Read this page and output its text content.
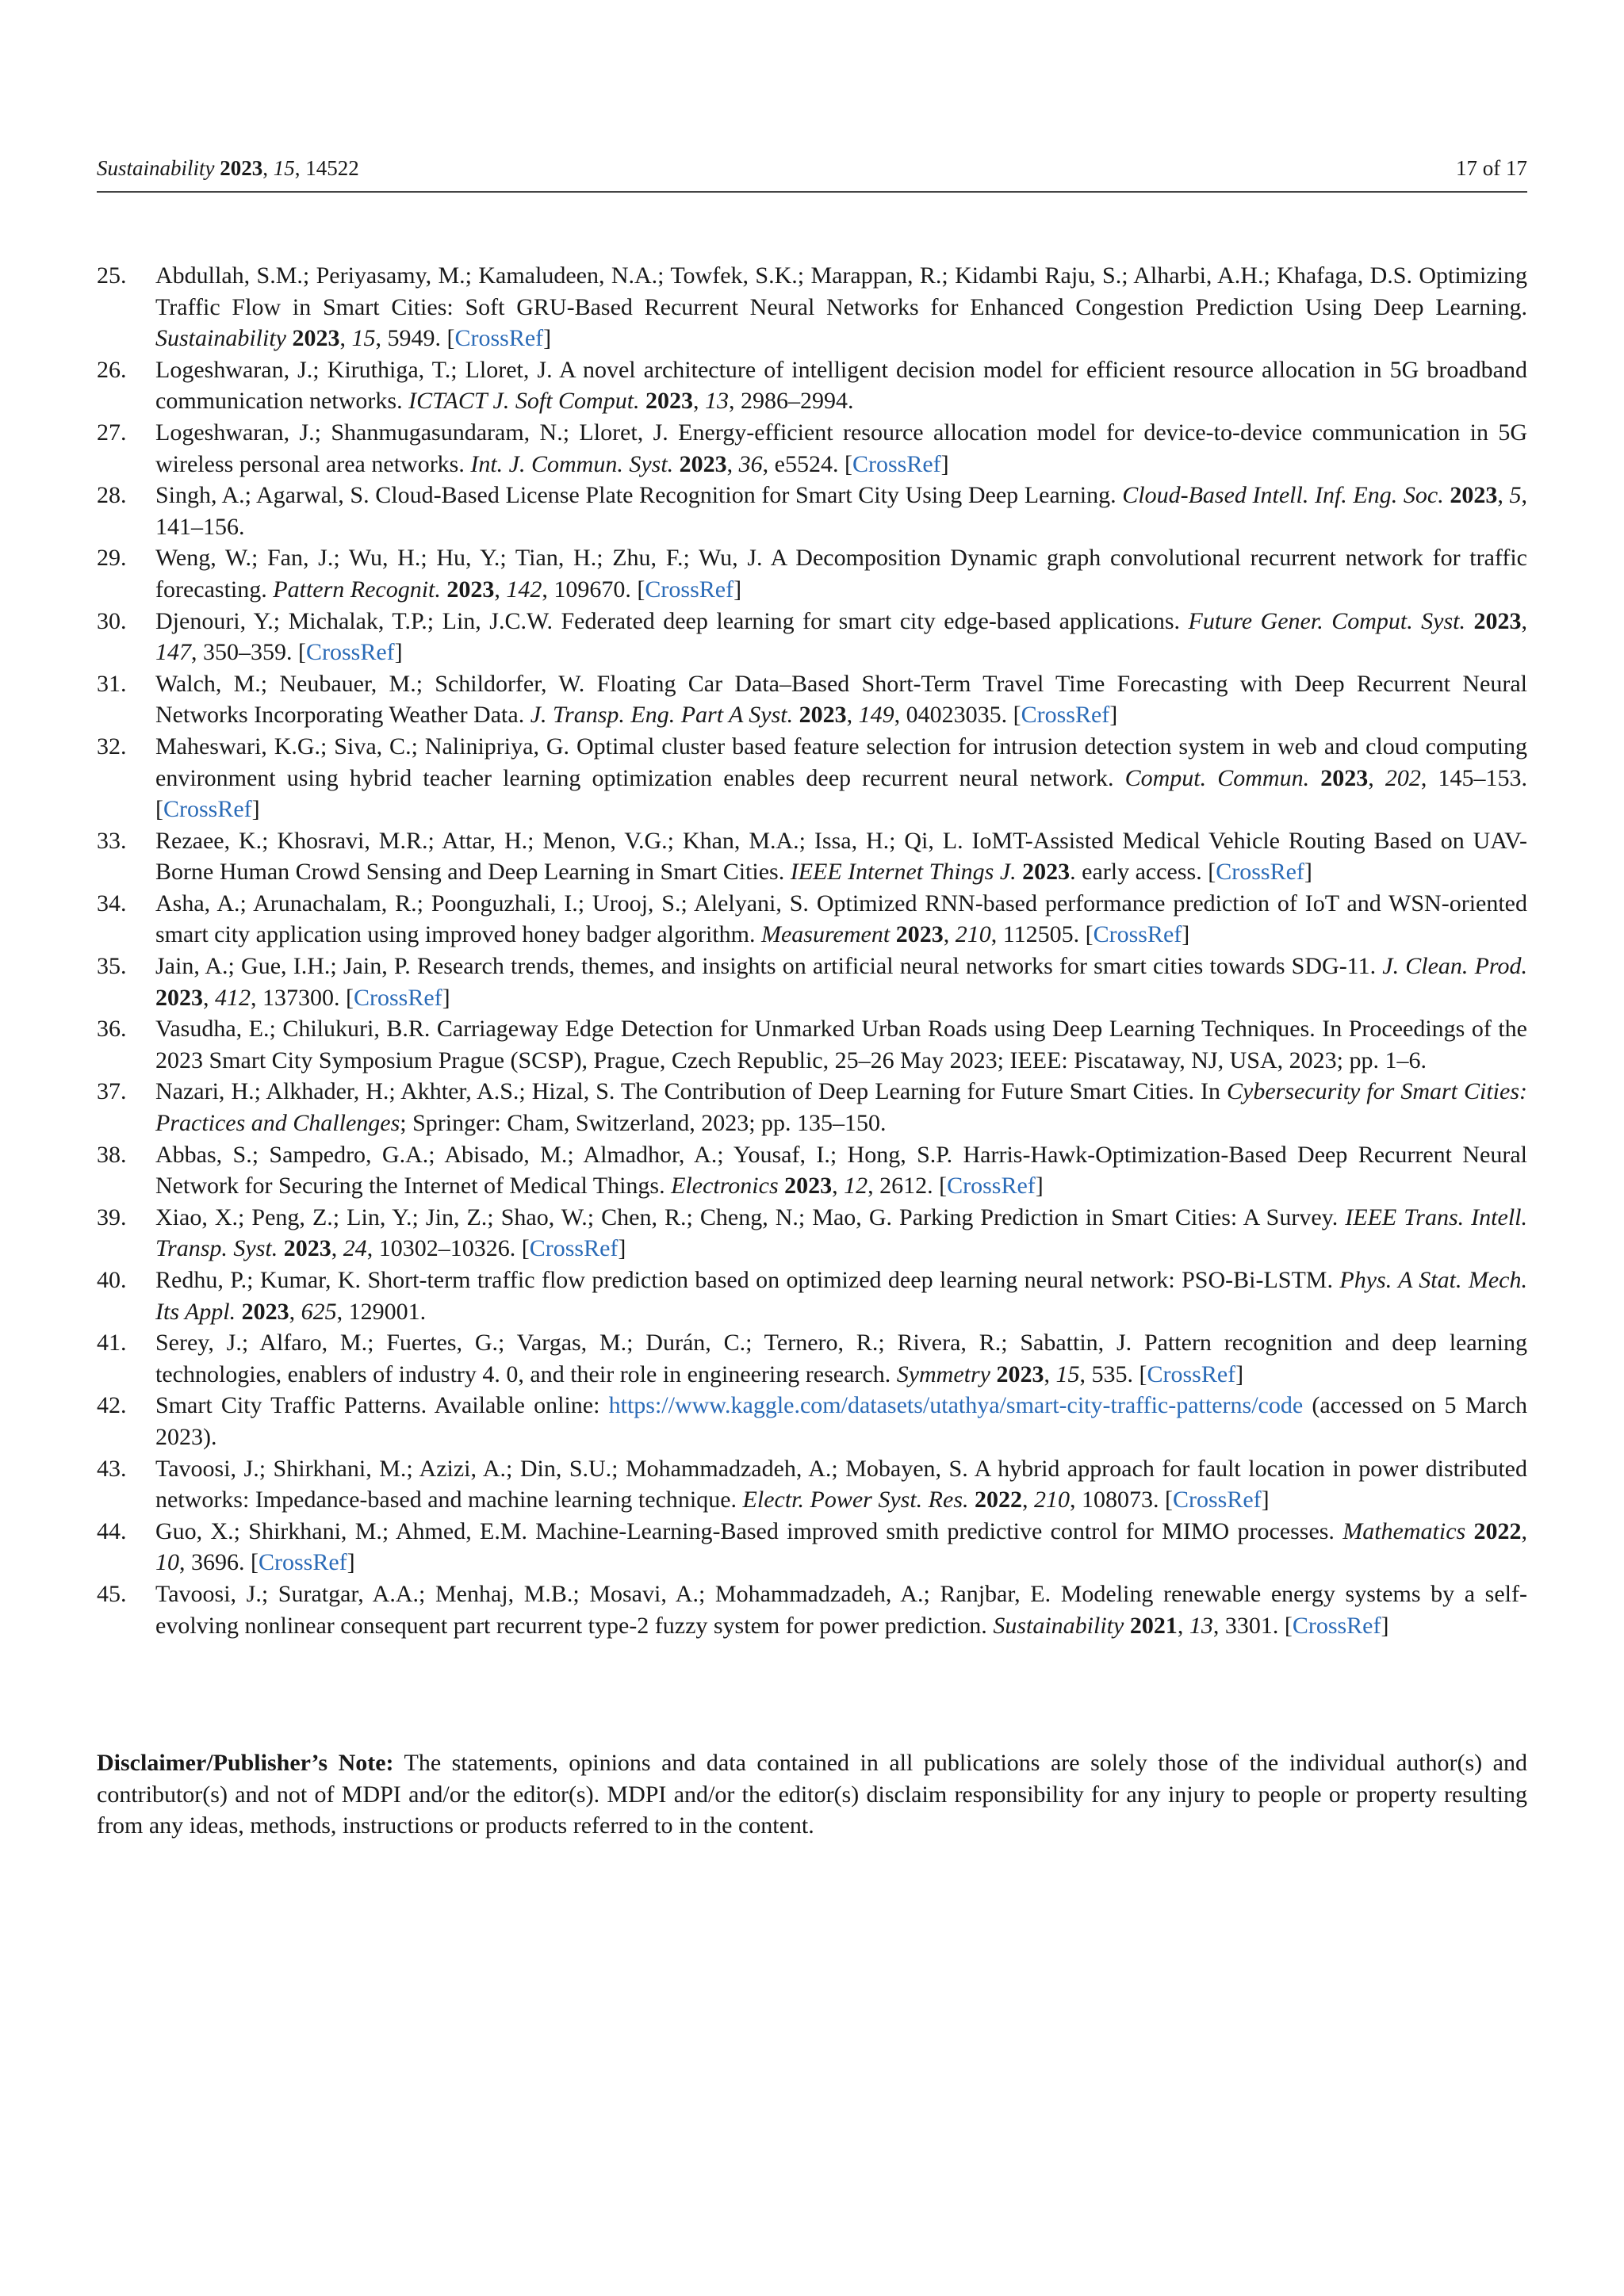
Sustainability 2023, 15, 14522	17 of 17
25. Abdullah, S.M.; Periyasamy, M.; Kamaludeen, N.A.; Towfek, S.K.; Marappan, R.; Kidambi Raju, S.; Alharbi, A.H.; Khafaga, D.S. Optimizing Traffic Flow in Smart Cities: Soft GRU-Based Recurrent Neural Networks for Enhanced Congestion Prediction Using Deep Learning. Sustainability 2023, 15, 5949. [CrossRef]
26. Logeshwaran, J.; Kiruthiga, T.; Lloret, J. A novel architecture of intelligent decision model for efficient resource allocation in 5G broadband communication networks. ICTACT J. Soft Comput. 2023, 13, 2986–2994.
27. Logeshwaran, J.; Shanmugasundaram, N.; Lloret, J. Energy-efficient resource allocation model for device-to-device communication in 5G wireless personal area networks. Int. J. Commun. Syst. 2023, 36, e5524. [CrossRef]
28. Singh, A.; Agarwal, S. Cloud-Based License Plate Recognition for Smart City Using Deep Learning. Cloud-Based Intell. Inf. Eng. Soc. 2023, 5, 141–156.
29. Weng, W.; Fan, J.; Wu, H.; Hu, Y.; Tian, H.; Zhu, F.; Wu, J. A Decomposition Dynamic graph convolutional recurrent network for traffic forecasting. Pattern Recognit. 2023, 142, 109670. [CrossRef]
30. Djenouri, Y.; Michalak, T.P.; Lin, J.C.W. Federated deep learning for smart city edge-based applications. Future Gener. Comput. Syst. 2023, 147, 350–359. [CrossRef]
31. Walch, M.; Neubauer, M.; Schildorfer, W. Floating Car Data–Based Short-Term Travel Time Forecasting with Deep Recurrent Neural Networks Incorporating Weather Data. J. Transp. Eng. Part A Syst. 2023, 149, 04023035. [CrossRef]
32. Maheswari, K.G.; Siva, C.; Nalinipriya, G. Optimal cluster based feature selection for intrusion detection system in web and cloud computing environment using hybrid teacher learning optimization enables deep recurrent neural network. Comput. Commun. 2023, 202, 145–153. [CrossRef]
33. Rezaee, K.; Khosravi, M.R.; Attar, H.; Menon, V.G.; Khan, M.A.; Issa, H.; Qi, L. IoMT-Assisted Medical Vehicle Routing Based on UAV-Borne Human Crowd Sensing and Deep Learning in Smart Cities. IEEE Internet Things J. 2023. early access. [CrossRef]
34. Asha, A.; Arunachalam, R.; Poonguzhali, I.; Urooj, S.; Alelyani, S. Optimized RNN-based performance prediction of IoT and WSN-oriented smart city application using improved honey badger algorithm. Measurement 2023, 210, 112505. [CrossRef]
35. Jain, A.; Gue, I.H.; Jain, P. Research trends, themes, and insights on artificial neural networks for smart cities towards SDG-11. J. Clean. Prod. 2023, 412, 137300. [CrossRef]
36. Vasudha, E.; Chilukuri, B.R. Carriageway Edge Detection for Unmarked Urban Roads using Deep Learning Techniques. In Proceedings of the 2023 Smart City Symposium Prague (SCSP), Prague, Czech Republic, 25–26 May 2023; IEEE: Piscataway, NJ, USA, 2023; pp. 1–6.
37. Nazari, H.; Alkhader, H.; Akhter, A.S.; Hizal, S. The Contribution of Deep Learning for Future Smart Cities. In Cybersecurity for Smart Cities: Practices and Challenges; Springer: Cham, Switzerland, 2023; pp. 135–150.
38. Abbas, S.; Sampedro, G.A.; Abisado, M.; Almadhor, A.; Yousaf, I.; Hong, S.P. Harris-Hawk-Optimization-Based Deep Recurrent Neural Network for Securing the Internet of Medical Things. Electronics 2023, 12, 2612. [CrossRef]
39. Xiao, X.; Peng, Z.; Lin, Y.; Jin, Z.; Shao, W.; Chen, R.; Cheng, N.; Mao, G. Parking Prediction in Smart Cities: A Survey. IEEE Trans. Intell. Transp. Syst. 2023, 24, 10302–10326. [CrossRef]
40. Redhu, P.; Kumar, K. Short-term traffic flow prediction based on optimized deep learning neural network: PSO-Bi-LSTM. Phys. A Stat. Mech. Its Appl. 2023, 625, 129001.
41. Serey, J.; Alfaro, M.; Fuertes, G.; Vargas, M.; Durán, C.; Ternero, R.; Rivera, R.; Sabattin, J. Pattern recognition and deep learning technologies, enablers of industry 4. 0, and their role in engineering research. Symmetry 2023, 15, 535. [CrossRef]
42. Smart City Traffic Patterns. Available online: https://www.kaggle.com/datasets/utathya/smart-city-traffic-patterns/code (accessed on 5 March 2023).
43. Tavoosi, J.; Shirkhani, M.; Azizi, A.; Din, S.U.; Mohammadzadeh, A.; Mobayen, S. A hybrid approach for fault location in power distributed networks: Impedance-based and machine learning technique. Electr. Power Syst. Res. 2022, 210, 108073. [CrossRef]
44. Guo, X.; Shirkhani, M.; Ahmed, E.M. Machine-Learning-Based improved smith predictive control for MIMO processes. Mathematics 2022, 10, 3696. [CrossRef]
45. Tavoosi, J.; Suratgar, A.A.; Menhaj, M.B.; Mosavi, A.; Mohammadzadeh, A.; Ranjbar, E. Modeling renewable energy systems by a self-evolving nonlinear consequent part recurrent type-2 fuzzy system for power prediction. Sustainability 2021, 13, 3301. [CrossRef]

Disclaimer/Publisher’s Note: The statements, opinions and data contained in all publications are solely those of the individual author(s) and contributor(s) and not of MDPI and/or the editor(s). MDPI and/or the editor(s) disclaim responsibility for any injury to people or property resulting from any ideas, methods, instructions or products referred to in the content.
